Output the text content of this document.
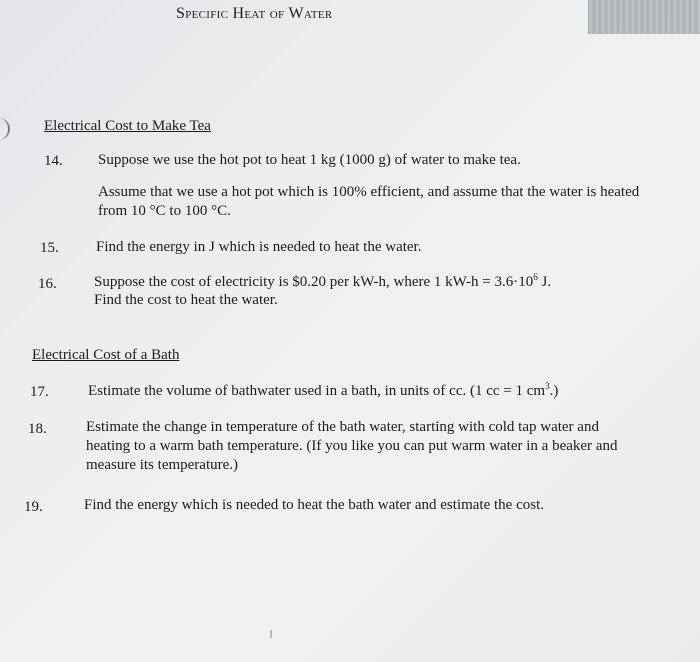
Specific Heat of Water
Electrical Cost to Make Tea
14. Suppose we use the hot pot to heat 1 kg (1000 g) of water to make tea.
Assume that we use a hot pot which is 100% efficient, and assume that the water is heated
from 10 °C to 100 °C.
15. Find the energy in J which is needed to heat the water.
16. Suppose the cost of electricity is $0.20 per kW-h, where 1 $kW-h = 3.6\cdot 10^6$ J.
Find the cost to heat the water.
Electrical Cost of a Bath
17.	Estimate the volume of bathwater used in a bath, in units of cc. (1 cc = 1 $cm^3$.)
18.	Estimate the change in temperature of the bath water, starting with cold tap water and
heating to a warm bath temperature. (If you like you can put warm water in a beaker and
measure its temperature.)
19.	Find the energy which is needed to heat the bath water and estimate the cost.
